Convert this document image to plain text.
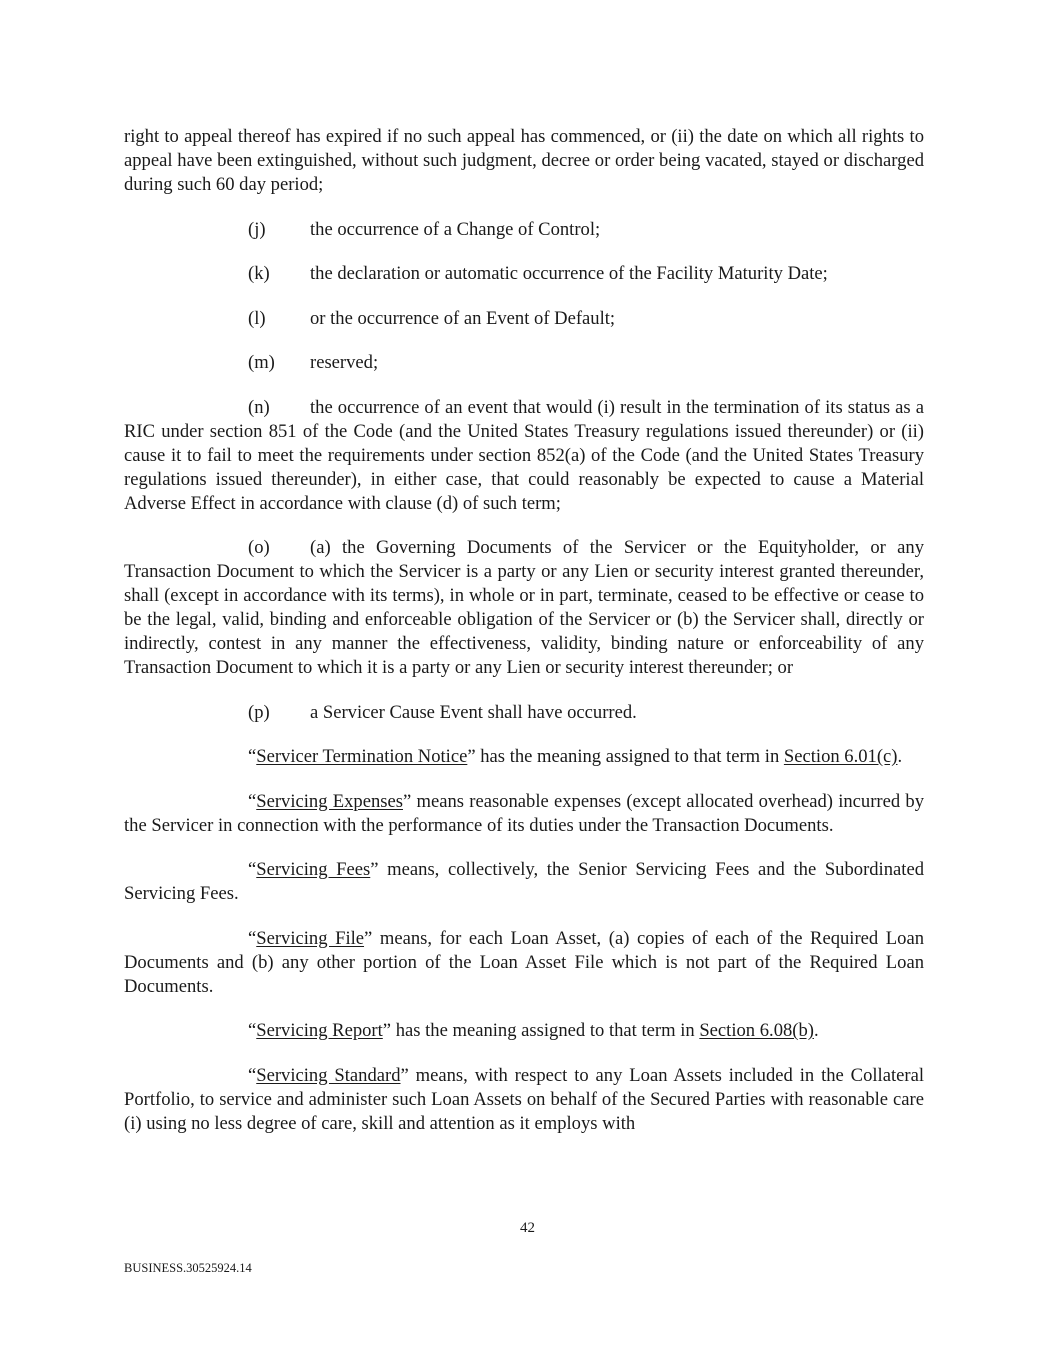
right to appeal thereof has expired if no such appeal has commenced, or (ii) the date on which all rights to appeal have been extinguished, without such judgment, decree or order being vacated, stayed or discharged during such 60 day period;

(j)	the occurrence of a Change of Control;
(k)	the declaration or automatic occurrence of the Facility Maturity Date;
(l)	or the occurrence of an Event of Default;
(m)	reserved;

(n) the occurrence of an event that would (i) result in the termination of its status as a RIC under section 851 of the Code (and the United States Treasury regulations issued thereunder) or (ii) cause it to fail to meet the requirements under section 852(a) of the Code (and the United States Treasury regulations issued thereunder), in either case, that could reasonably be expected to cause a Material Adverse Effect in accordance with clause (d) of such term;

(o) (a) the Governing Documents of the Servicer or the Equityholder, or any Transaction Document to which the Servicer is a party or any Lien or security interest granted thereunder, shall (except in accordance with its terms), in whole or in part, terminate, ceased to be effective or cease to be the legal, valid, binding and enforceable obligation of the Servicer or (b) the Servicer shall, directly or indirectly, contest in any manner the effectiveness, validity, binding nature or enforceability of any Transaction Document to which it is a party or any Lien or security interest thereunder; or

(p)	a Servicer Cause Event shall have occurred.

“Servicer Termination Notice” has the meaning assigned to that term in Section 6.01(c).

“Servicing Expenses” means reasonable expenses (except allocated overhead) incurred by the Servicer in connection with the performance of its duties under the Transaction Documents.

“Servicing Fees” means, collectively, the Senior Servicing Fees and the Subordinated Servicing Fees.

“Servicing File” means, for each Loan Asset, (a) copies of each of the Required Loan Documents and (b) any other portion of the Loan Asset File which is not part of the Required Loan Documents.

“Servicing Report” has the meaning assigned to that term in Section 6.08(b).

“Servicing Standard” means, with respect to any Loan Assets included in the Collateral Portfolio, to service and administer such Loan Assets on behalf of the Secured Parties with reasonable care (i) using no less degree of care, skill and attention as it employs with

42
BUSINESS.30525924.14
